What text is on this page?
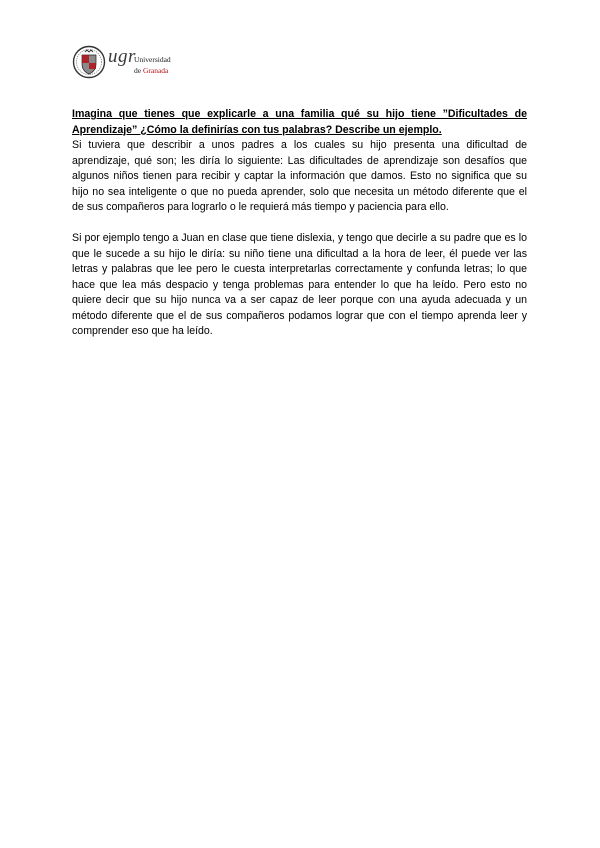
ugr
Universidad
de Granada

Imagina que tienes que explicarle a una familia qué su hijo tiene ”Dificultades de Aprendizaje” ¿Cómo la definirías con tus palabras? Describe un ejemplo.

Si tuviera que describir a unos padres a los cuales su hijo presenta una dificultad de aprendizaje, qué son; les diría lo siguiente: Las dificultades de aprendizaje son desafíos que algunos niños tienen para recibir y captar la información que damos. Esto no significa que su hijo no sea inteligente o que no pueda aprender, solo que necesita un método diferente que el de sus compañeros para lograrlo o le requierá más tiempo y paciencia para ello.

Si por ejemplo tengo a Juan en clase que tiene dislexia, y tengo que decirle a su padre que es lo que le sucede a su hijo le diría: su niño tiene una dificultad a la hora de leer, él puede ver las letras y palabras que lee pero le cuesta interpretarlas correctamente y confunda letras; lo que hace que lea más despacio y tenga problemas para entender lo que ha leído. Pero esto no quiere decir que su hijo nunca va a ser capaz de leer porque con una ayuda adecuada y un método diferente que el de sus compañeros podamos lograr que con el tiempo aprenda leer y comprender eso que ha leído.
